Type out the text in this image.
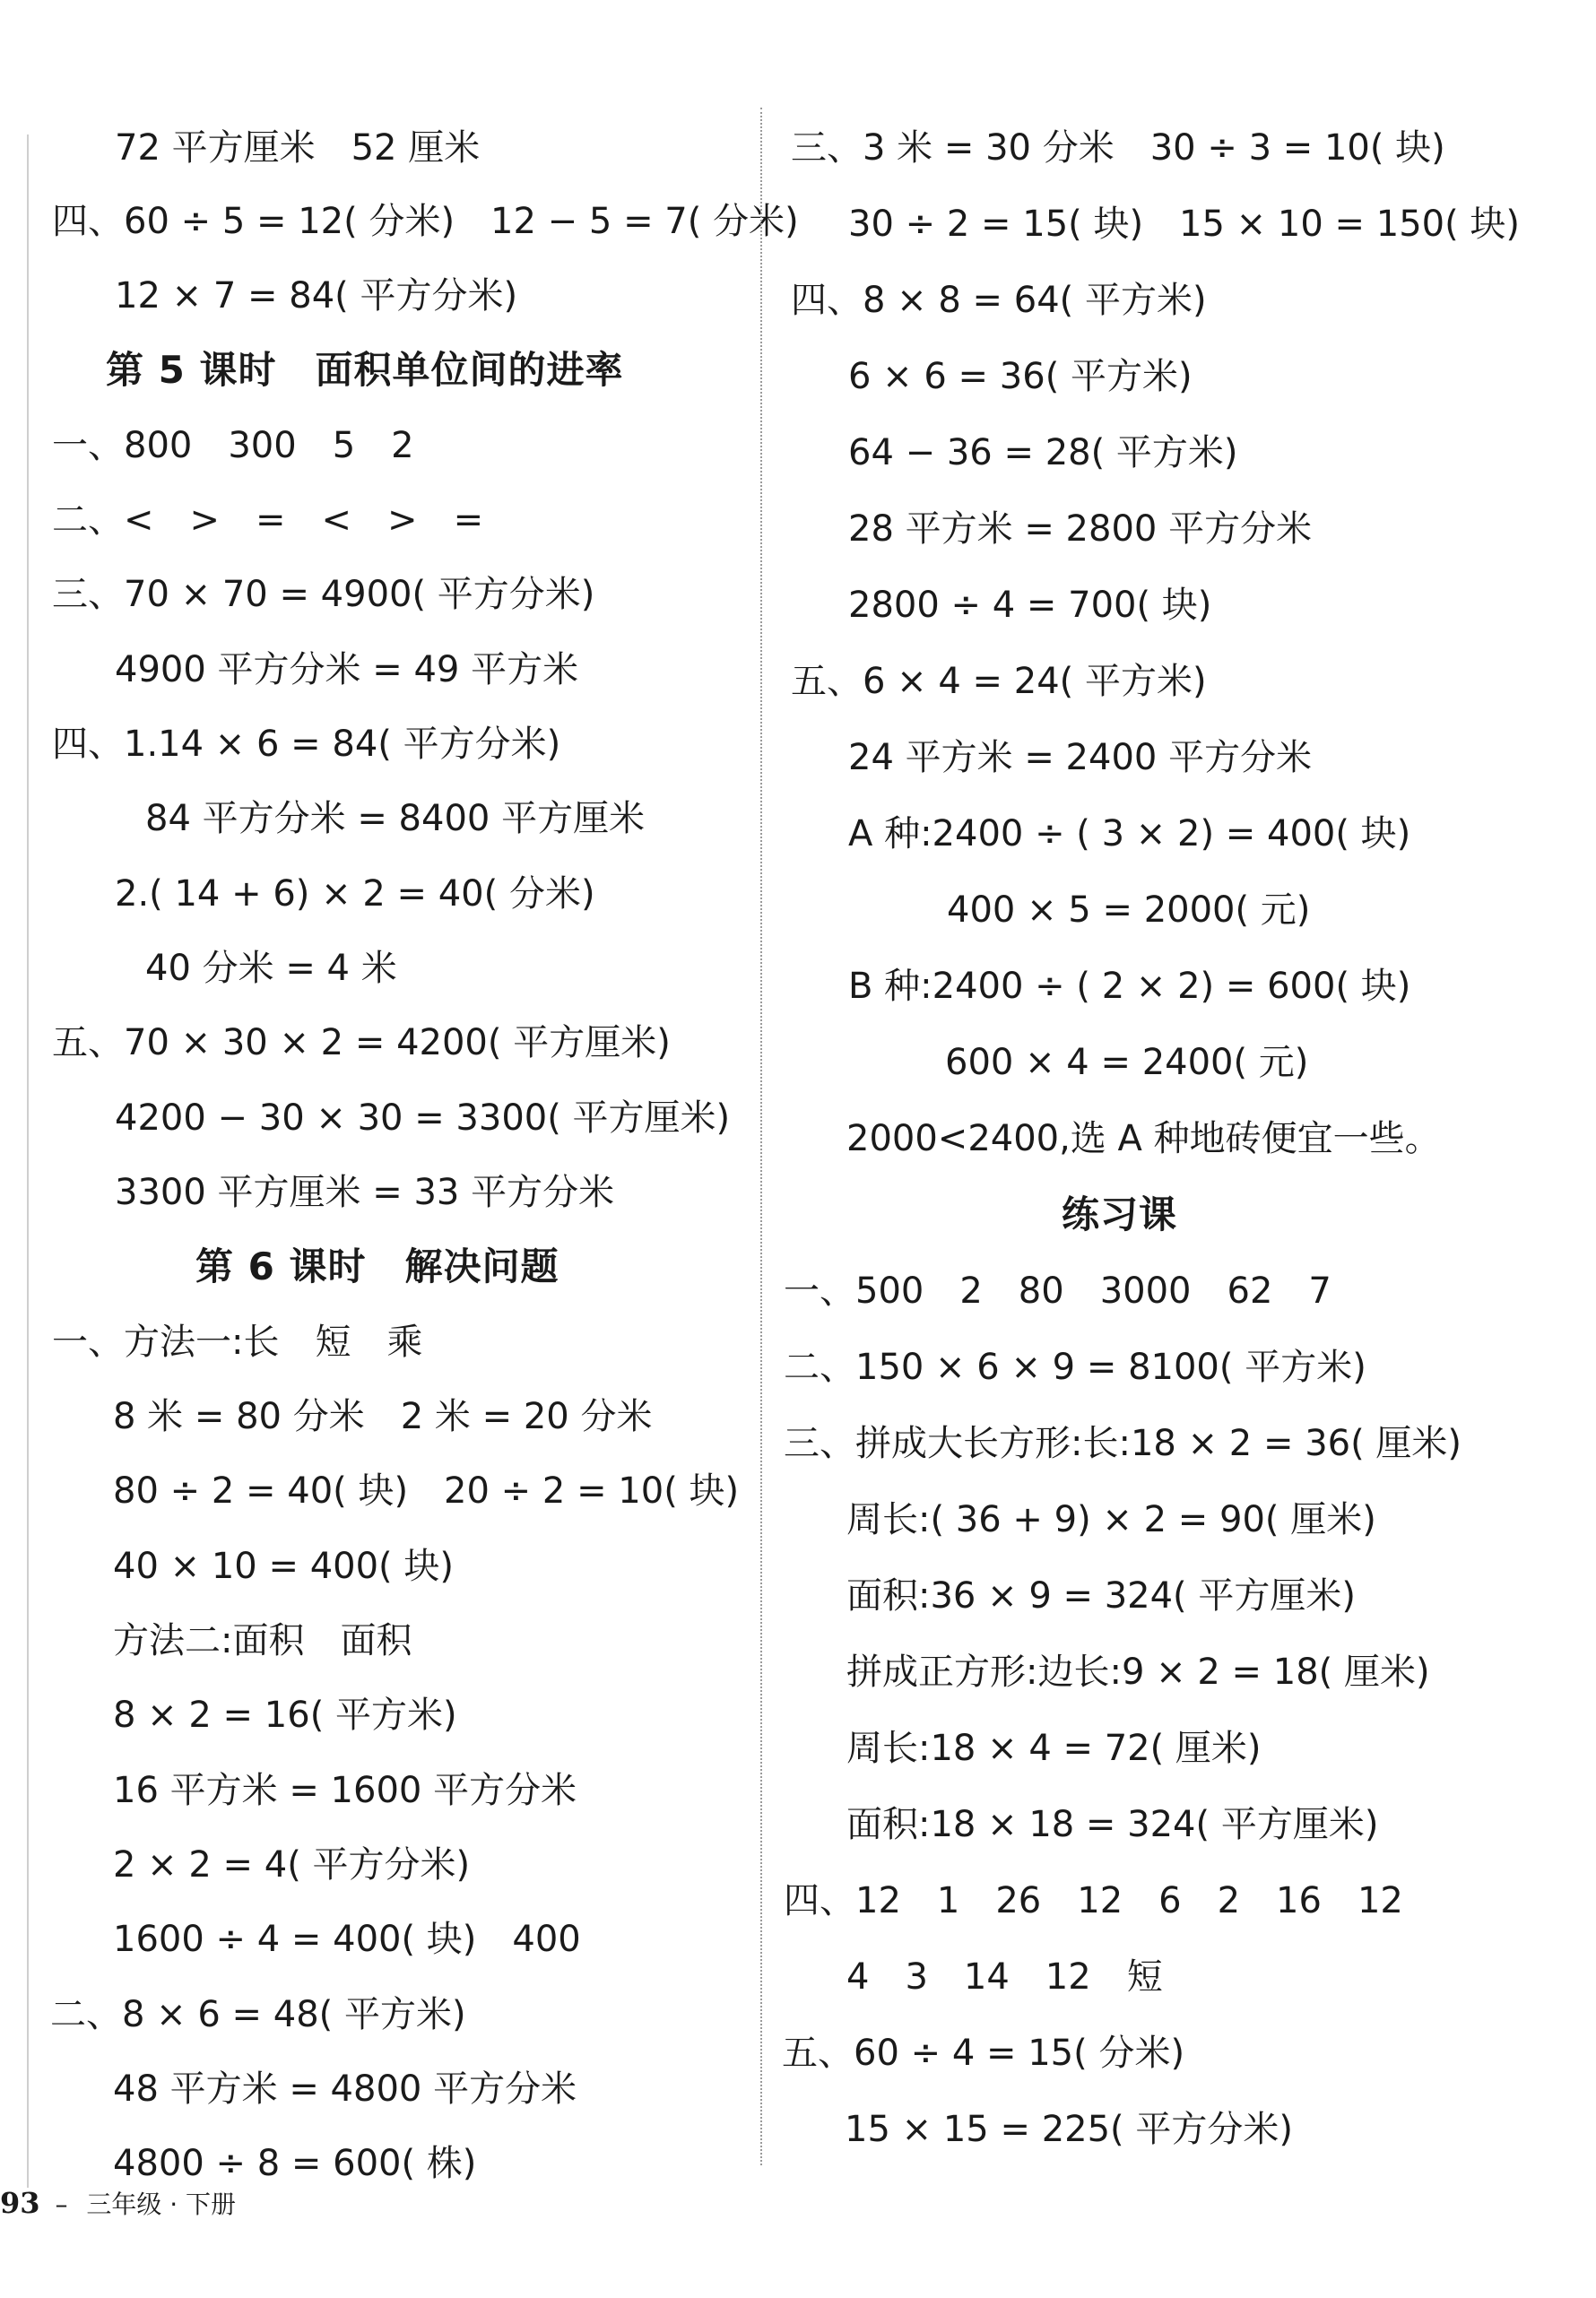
72 平方厘米　52 厘米
四、60 ÷ 5 = 12( 分米)　12 − 5 = 7( 分米)
12 × 7 = 84( 平方分米)
第 5 课时　面积单位间的进率
一、800　300　5　2
二、<　>　=　<　>　=
三、70 × 70 = 4900( 平方分米)
4900 平方分米 = 49 平方米
四、1.14 × 6 = 84( 平方分米)
84 平方分米 = 8400 平方厘米
2.( 14 + 6) × 2 = 40( 分米)
40 分米 = 4 米
五、70 × 30 × 2 = 4200( 平方厘米)
4200 − 30 × 30 = 3300( 平方厘米)
3300 平方厘米 = 33 平方分米
第 6 课时　解决问题
一、方法一:长　短　乘
8 米 = 80 分米　2 米 = 20 分米
80 ÷ 2 = 40( 块)　20 ÷ 2 = 10( 块)
40 × 10 = 400( 块)
方法二:面积　面积
8 × 2 = 16( 平方米)
16 平方米 = 1600 平方分米
2 × 2 = 4( 平方分米)
1600 ÷ 4 = 400( 块)　400
二、8 × 6 = 48( 平方米)
48 平方米 = 4800 平方分米
4800 ÷ 8 = 600( 株)
三、3 米 = 30 分米　30 ÷ 3 = 10( 块)
30 ÷ 2 = 15( 块)　15 × 10 = 150( 块)
四、8 × 8 = 64( 平方米)
6 × 6 = 36( 平方米)
64 − 36 = 28( 平方米)
28 平方米 = 2800 平方分米
2800 ÷ 4 = 700( 块)
五、6 × 4 = 24( 平方米)
24 平方米 = 2400 平方分米
A 种:2400 ÷ ( 3 × 2) = 400( 块)
400 × 5 = 2000( 元)
B 种:2400 ÷ ( 2 × 2) = 600( 块)
600 × 4 = 2400( 元)
2000<2400,选 A 种地砖便宜一些。
练习课
一、500　2　80　3000　62　7
二、150 × 6 × 9 = 8100( 平方米)
三、拼成大长方形:长:18 × 2 = 36( 厘米)
周长:( 36 + 9) × 2 = 90( 厘米)
面积:36 × 9 = 324( 平方厘米)
拼成正方形:边长:9 × 2 = 18( 厘米)
周长:18 × 4 = 72( 厘米)
面积:18 × 18 = 324( 平方厘米)
四、12　1　26　12　6　2　16　12
4　3　14　12　短
五、60 ÷ 4 = 15( 分米)
15 × 15 = 225( 平方分米)
93 – 三年级 · 下册
